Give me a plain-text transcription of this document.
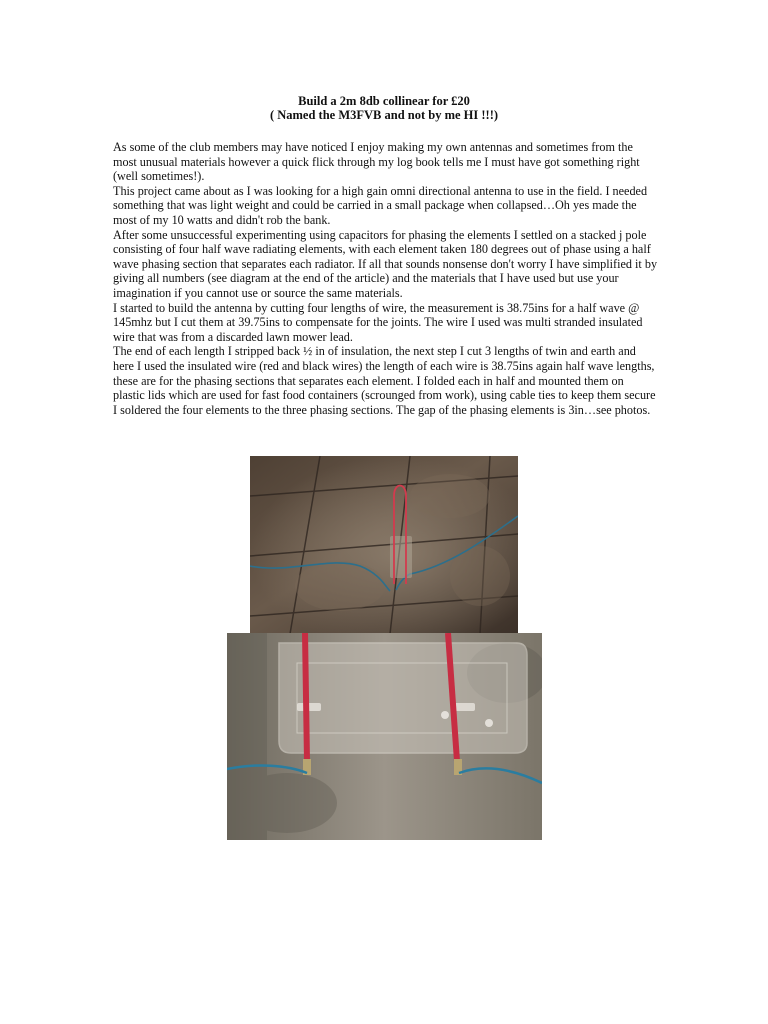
Build a 2m 8db collinear for £20
( Named the M3FVB and not by me HI !!!)

As some of the club members may have noticed I enjoy making my own antennas and sometimes from the most unusual materials however a quick flick through my log book tells me I must have got something right (well sometimes!).

This project came about as I was looking for a high gain omni directional antenna to use in the field. I needed something that was light weight and could be carried in a small package when collapsed…Oh yes made the most of my 10 watts and didn't rob the bank.

After some unsuccessful experimenting using capacitors for phasing the elements I settled on a stacked j pole consisting of four half wave radiating elements, with each element taken 180 degrees out of phase using a half wave phasing section that separates each radiator. If all that sounds nonsense don't worry I have simplified it by giving all numbers (see diagram at the end of the article) and the materials that I have used but use your imagination if you cannot use or source the same materials.

I started to build the antenna by cutting four lengths of wire, the measurement is 38.75ins for a half wave @ 145mhz but I cut them at 39.75ins to compensate for the joints. The wire I used was multi stranded insulated wire that was from a discarded lawn mower lead.

The end of each length I stripped back ½ in of insulation, the next step I cut 3 lengths of twin and earth and here I used the insulated wire (red and black wires) the length of each wire is 38.75ins again half wave lengths, these are for the phasing sections that separates each element. I folded each in half and mounted them on plastic lids which are used for fast food containers (scrounged from work), using cable ties to keep them secure I soldered the four elements to the three phasing sections. The gap of the phasing elements is 3in…see photos.
